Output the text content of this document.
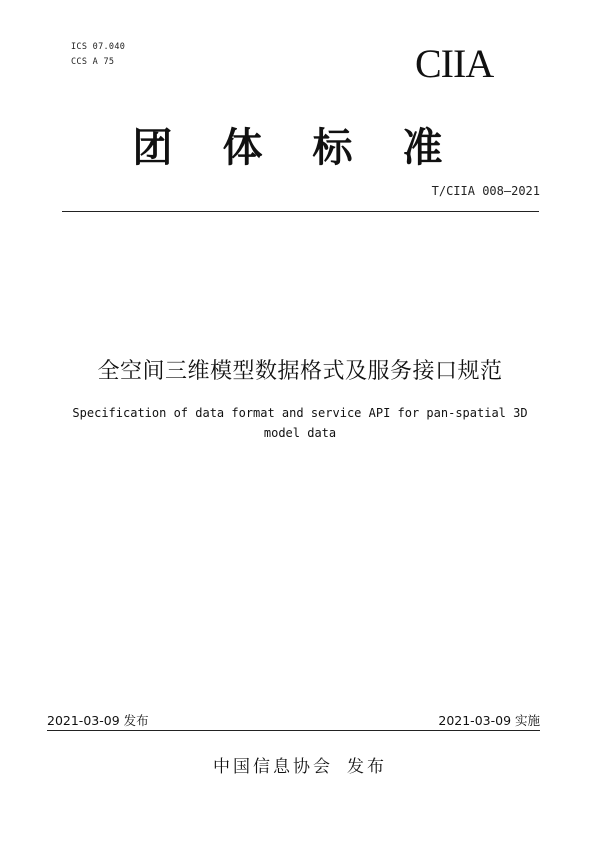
ICS 07.040
CCS A 75	CIIA
团体标准
T/CIIA 008—2021
全空间三维模型数据格式及服务接口规范
Specification of data format and service API for pan-spatial 3D model data
2021-03-09 发布	2021-03-09 实施
中国信息协会 发布
